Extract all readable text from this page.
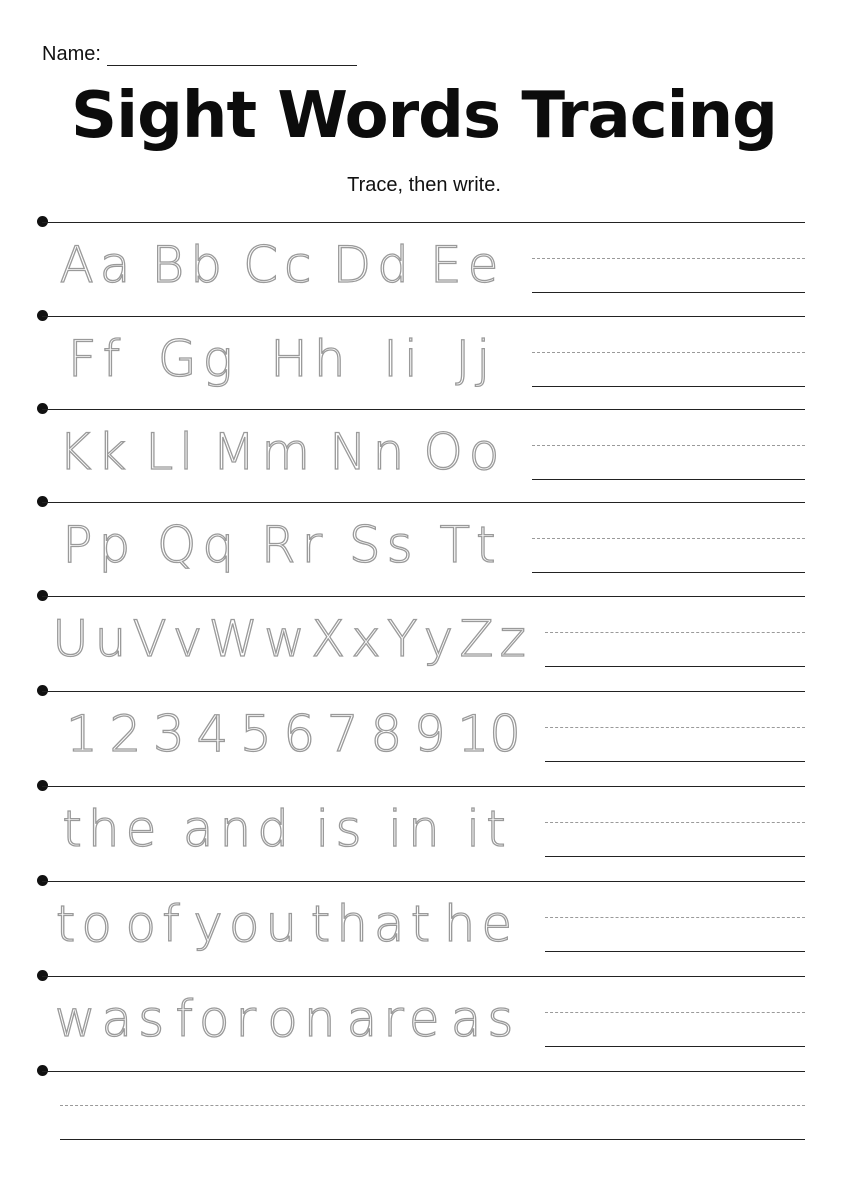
Name:
Sight Words Tracing
Trace, then write.
Aa Bb Cc Dd Ee
Ff Gg Hh Ii Jj
Kk Ll Mm Nn Oo
Pp Qq Rr Ss Tt
Uu Vv Ww Xx Yy Zz
1 2 3 4 5 6 7 8 9 10
the and is in it
to of you that he
was for on are as
